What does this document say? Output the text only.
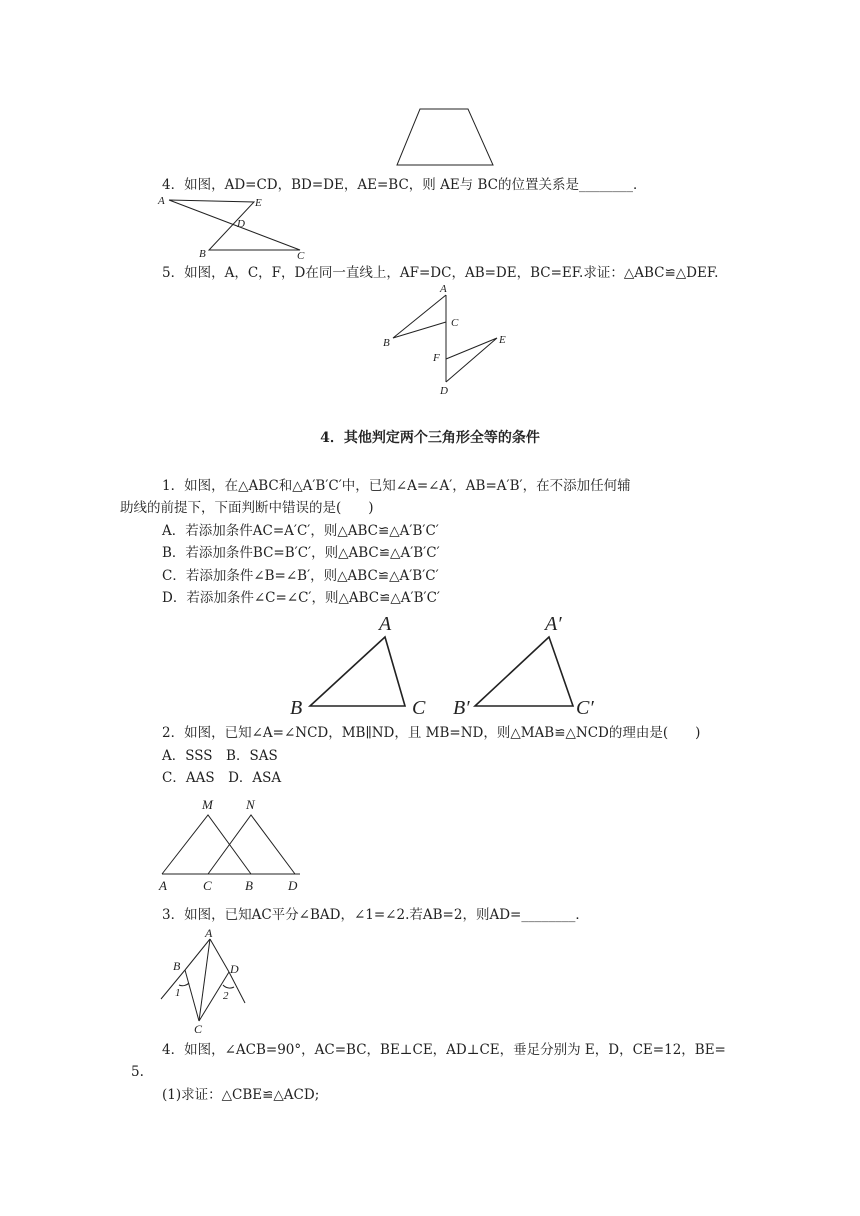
4．如图，AD=CD，BD=DE，AE=BC，则 AE与 BC的位置关系是________．
A	E
D
B	C
5．如图，A，C，F，D在同一直线上，AF=DC，AB=DE，BC=EF.求证：△ABC≌△DEF.
A
C
B
F
E
D
4．其他判定两个三角形全等的条件
1．如图，在△ABC和△A′B′C′中，已知∠A=∠A′，AB=A′B′，在不添加任何辅
助线的前提下，下面判断中错误的是(　　)
A．若添加条件AC=A′C′，则△ABC≌△A′B′C′
B．若添加条件BC=B′C′，则△ABC≌△A′B′C′
C．若添加条件∠B=∠B′，则△ABC≌△A′B′C′
D．若添加条件∠C=∠C′，则△ABC≌△A′B′C′
A
B	C
A′
B′	C′
2．如图，已知∠A=∠NCD，MB∥ND，且 MB=ND，则△MAB≌△NCD的理由是(　　)
A．SSS　B．SAS
C．AAS　D．ASA
M	N
A	C	B	D
3．如图，已知AC平分∠BAD，∠1=∠2.若AB=2，则AD=________．
A
B	D
C
1	2
4．如图，∠ACB=90°，AC=BC，BE⊥CE，AD⊥CE，垂足分别为 E，D，CE=12，BE=
5.
(1)求证：△CBE≌△ACD;
